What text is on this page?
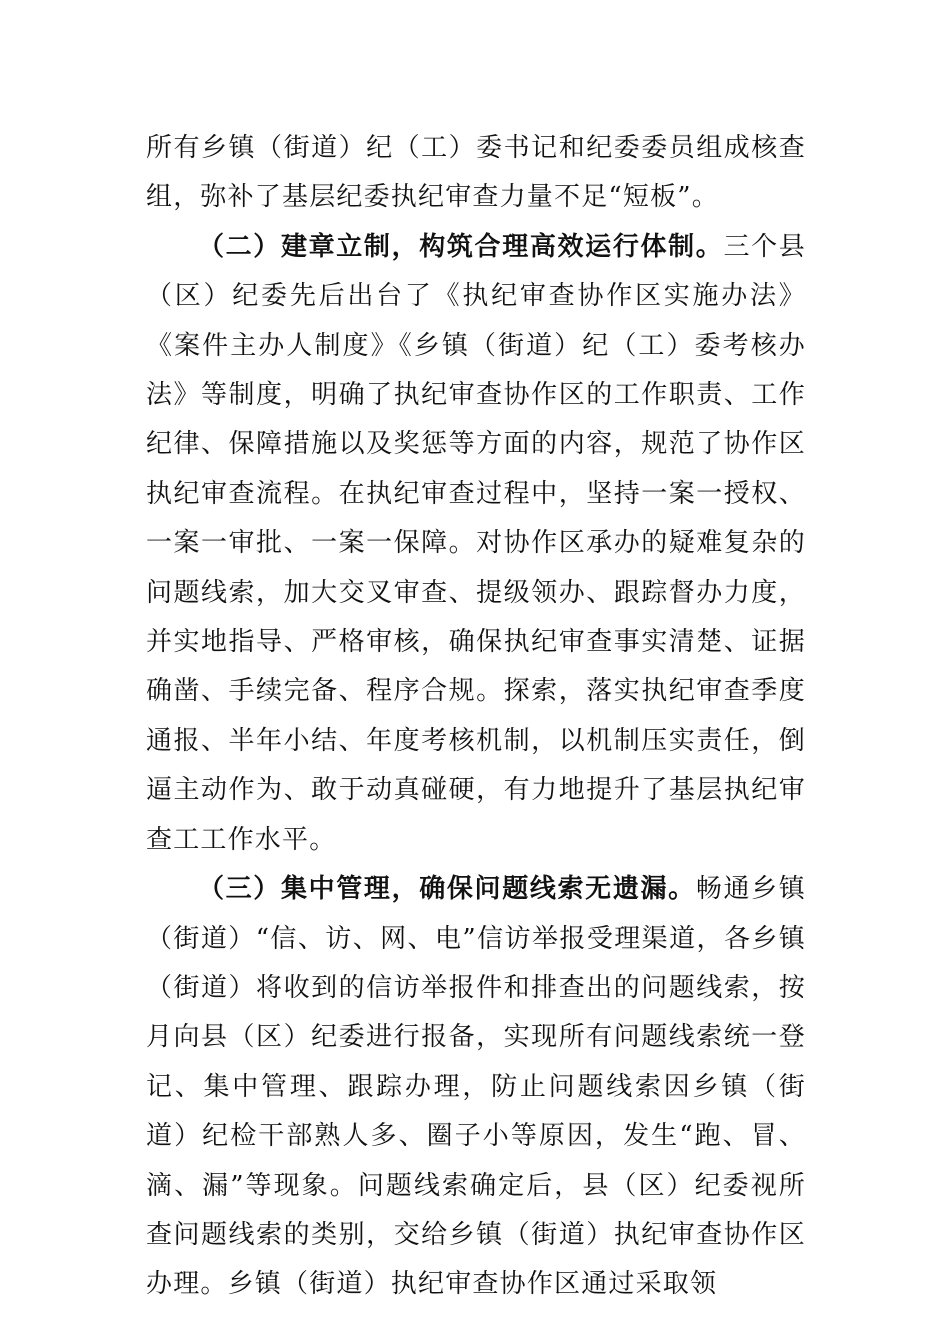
所有乡镇（街道）纪（工）委书记和纪委委员组成核查组，弥补了基层纪委执纪审查力量不足“短板”。

（二）建章立制，构筑合理高效运行体制。三个县（区）纪委先后出台了《执纪审查协作区实施办法》《案件主办人制度》《乡镇（街道）纪（工）委考核办法》等制度，明确了执纪审查协作区的工作职责、工作纪律、保障措施以及奖惩等方面的内容，规范了协作区执纪审查流程。在执纪审查过程中，坚持一案一授权、一案一审批、一案一保障。对协作区承办的疑难复杂的问题线索，加大交叉审查、提级领办、跟踪督办力度，并实地指导、严格审核，确保执纪审查事实清楚、证据确凿、手续完备、程序合规。探索，落实执纪审查季度通报、半年小结、年度考核机制，以机制压实责任，倒逼主动作为、敢于动真碰硬，有力地提升了基层执纪审查工工作水平。

（三）集中管理，确保问题线索无遗漏。畅通乡镇（街道）“信、访、网、电”信访举报受理渠道，各乡镇（街道）将收到的信访举报件和排查出的问题线索，按月向县（区）纪委进行报备，实现所有问题线索统一登记、集中管理、跟踪办理，防止问题线索因乡镇（街道）纪检干部熟人多、圈子小等原因，发生“跑、冒、滴、漏”等现象。问题线索确定后，县（区）纪委视所查问题线索的类别，交给乡镇（街道）执纪审查协作区办理。乡镇（街道）执纪审查协作区通过采取领
